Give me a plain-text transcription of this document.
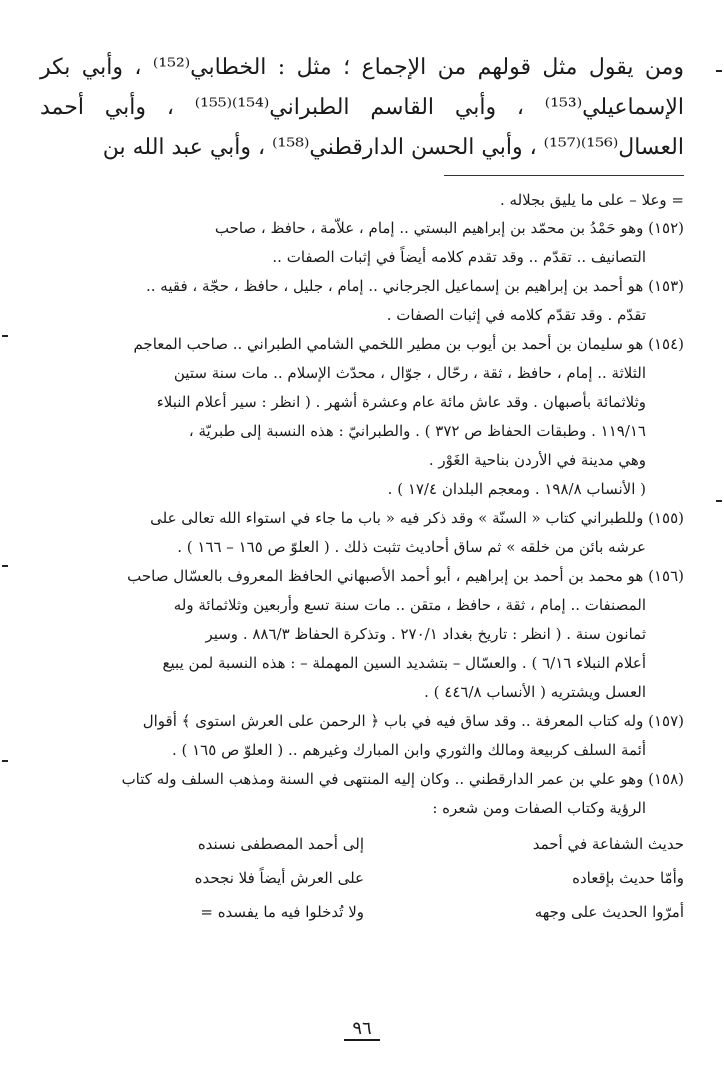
ومن يقول مثل قولهم من الإجماع ؛ مثل : الخطابي⁽¹⁵²⁾ ، وأبي بكر

الإسماعيلي⁽¹⁵³⁾ ، وأبي القاسم الطبراني⁽¹⁵⁴⁾⁽¹⁵⁵⁾ ، وأبي أحمد

العسال⁽¹⁵⁶⁾⁽¹⁵⁷⁾ ، وأبي الحسن الدارقطني⁽¹⁵⁸⁾ ، وأبي عبد الله بن

= وعلا – على ما يليق بجلاله .

(١٥٢) وهو حَمْدُ بن محمّد بن إبراهيم البستي .. إمام ، علاّمة ، حافظ ، صاحب
التصانيف .. تقدّم .. وقد تقدم كلامه أيضاً في إثبات الصفات ..
(١٥٣) هو أحمد بن إبراهيم بن إسماعيل الجرجاني .. إمام ، جليل ، حافظ ، حجّة ، فقيه ..
تقدّم . وقد تقدّم كلامه في إثبات الصفات .
(١٥٤) هو سليمان بن أحمد بن أيوب بن مطير اللخمي الشامي الطبراني .. صاحب المعاجم
الثلاثة .. إمام ، حافظ ، ثقة ، رحّال ، جوّال ، محدّث الإسلام .. مات سنة ستين
وثلاثمائة بأصبهان . وقد عاش مائة عام وعشرة أشهر . ( انظر : سير أعلام النبلاء
١١٩/١٦ . وطبقات الحفاظ ص ٣٧٢ ) . والطبرانيّ : هذه النسبة إلى طبريّة ،
وهي مدينة في الأردن بناحية الغَوْر .
( الأنساب ١٩٨/٨ . ومعجم البلدان ١٧/٤ ) .
(١٥٥) وللطبراني كتاب « السنّة » وقد ذكر فيه « باب ما جاء في استواء الله تعالى على
عرشه بائن من خلقه » ثم ساق أحاديث تثبت ذلك . ( العلوّ ص ١٦٥ – ١٦٦ ) .
(١٥٦) هو محمد بن أحمد بن إبراهيم ، أبو أحمد الأصبهاني الحافظ المعروف بالعسّال صاحب
المصنفات .. إمام ، ثقة ، حافظ ، متقن .. مات سنة تسع وأربعين وثلاثمائة وله
ثمانون سنة . ( انظر : تاريخ بغداد ٢٧٠/١ . وتذكرة الحفاظ ٨٨٦/٣ . وسير
أعلام النبلاء ٦/١٦ ) . والعسّال – بتشديد السين المهملة – : هذه النسبة لمن يبيع
العسل ويشتريه ( الأنساب ٤٤٦/٨ ) .
(١٥٧) وله كتاب المعرفة .. وقد ساق فيه في باب ﴿ الرحمن على العرش استوى ﴾ أقوال
أئمة السلف كربيعة ومالك والثوري وابن المبارك وغيرهم .. ( العلوّ ص ١٦٥ ) .
(١٥٨) وهو علي بن عمر الدارقطني .. وكان إليه المنتهى في السنة ومذهب السلف وله كتاب
الرؤية وكتاب الصفات ومن شعره :
حديث الشفاعة في أحمد
إلى أحمد المصطفى نسنده
وأمّا حديث بإقعاده
على العرش أيضاً فلا نجحده
أمرّوا الحديث على وجهه
ولا تُدخلوا فيه ما يفسده =
٩٦
